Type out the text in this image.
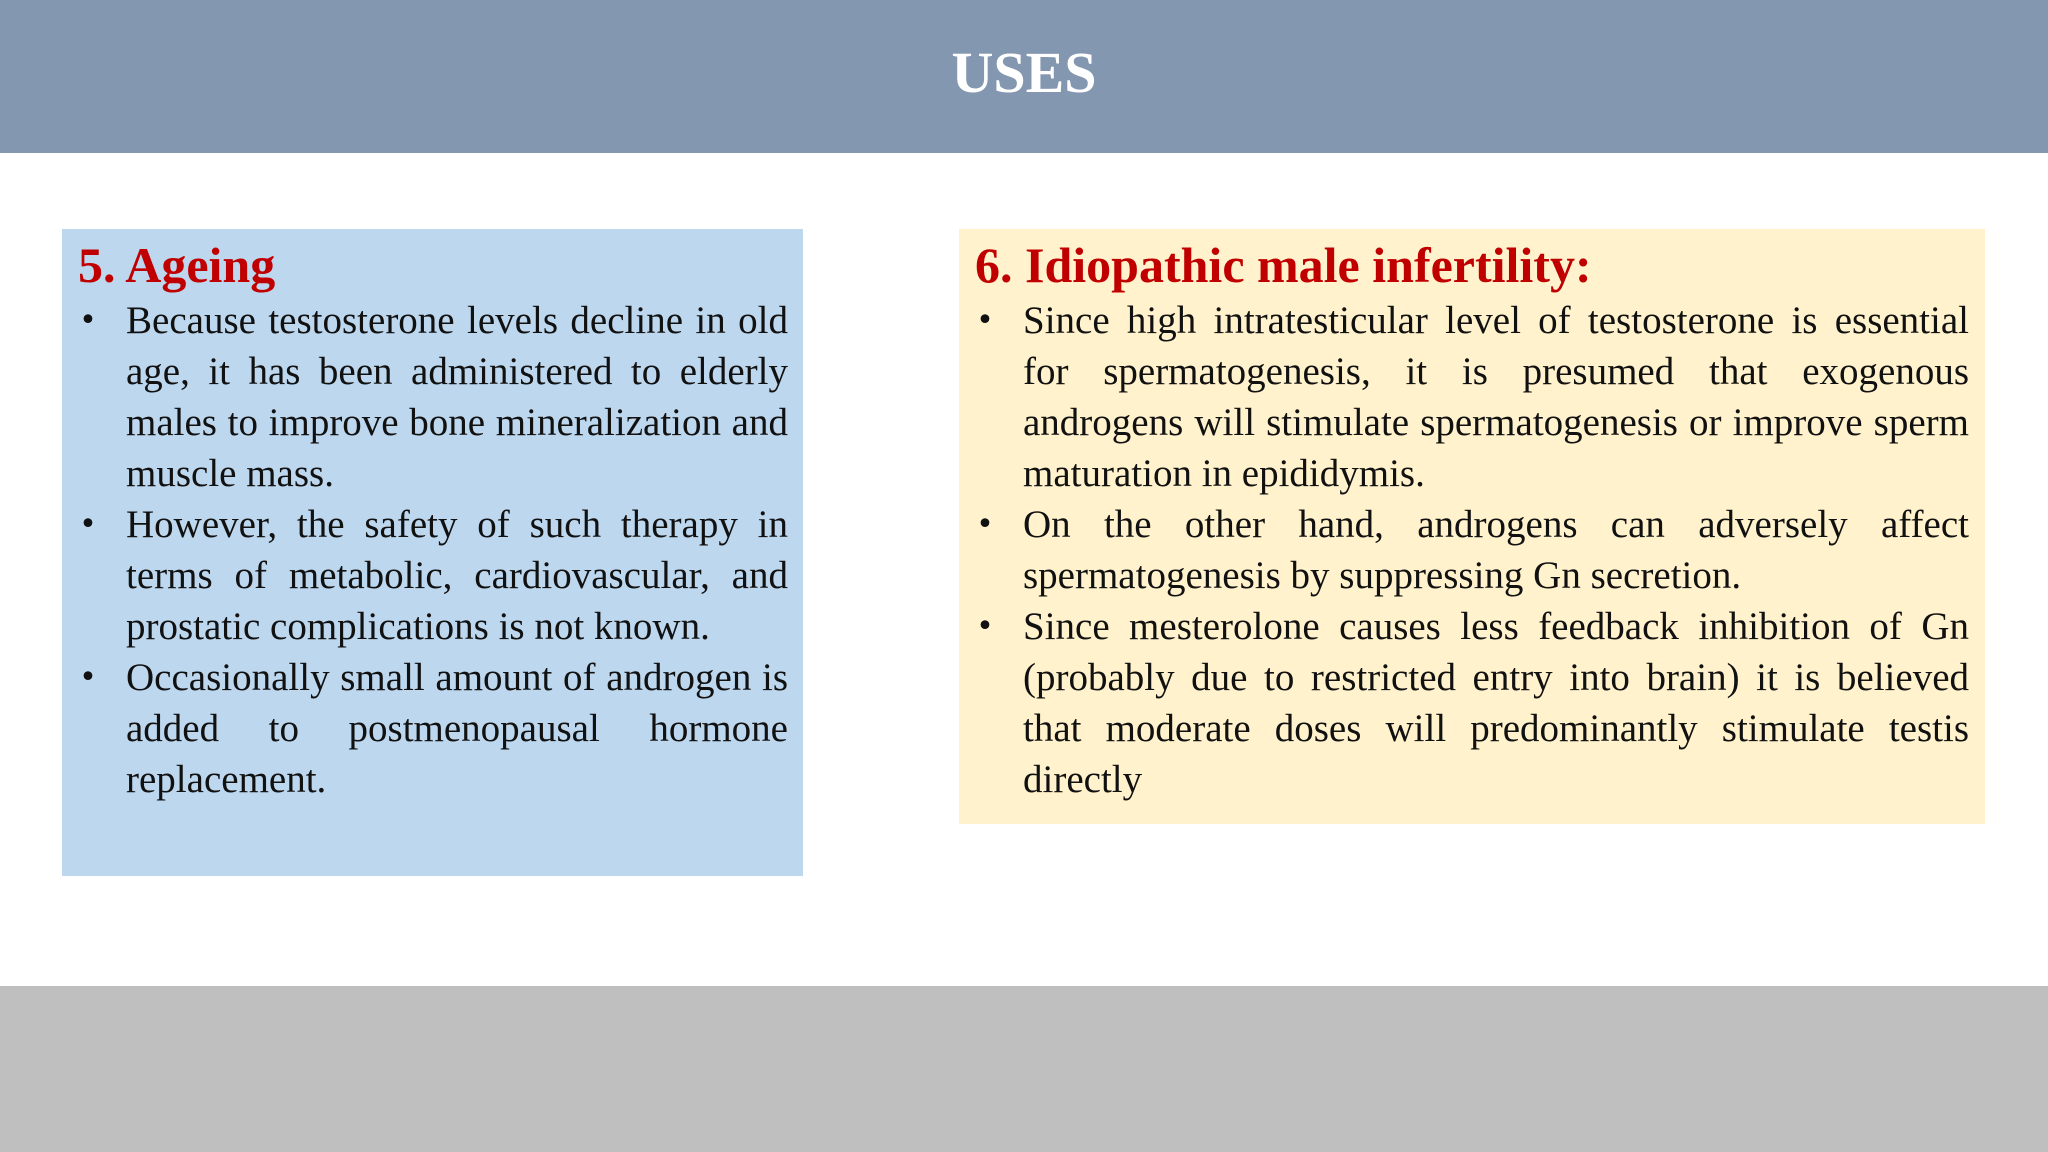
USES
5. Ageing
• Because testosterone levels decline in old age, it has been administered to elderly males to improve bone mineralization and muscle mass.
• However, the safety of such therapy in terms of metabolic, cardiovascular, and prostatic complications is not known.
• Occasionally small amount of androgen is added to postmenopausal hormone replacement.
6. Idiopathic male infertility:
• Since high intratesticular level of testosterone is essential for spermatogenesis, it is presumed that exogenous androgens will stimulate spermatogenesis or improve sperm maturation in epididymis.
• On the other hand, androgens can adversely affect spermatogenesis by suppressing Gn secretion.
• Since mesterolone causes less feedback inhibition of Gn (probably due to restricted entry into brain) it is believed that moderate doses will predominantly stimulate testis directly
